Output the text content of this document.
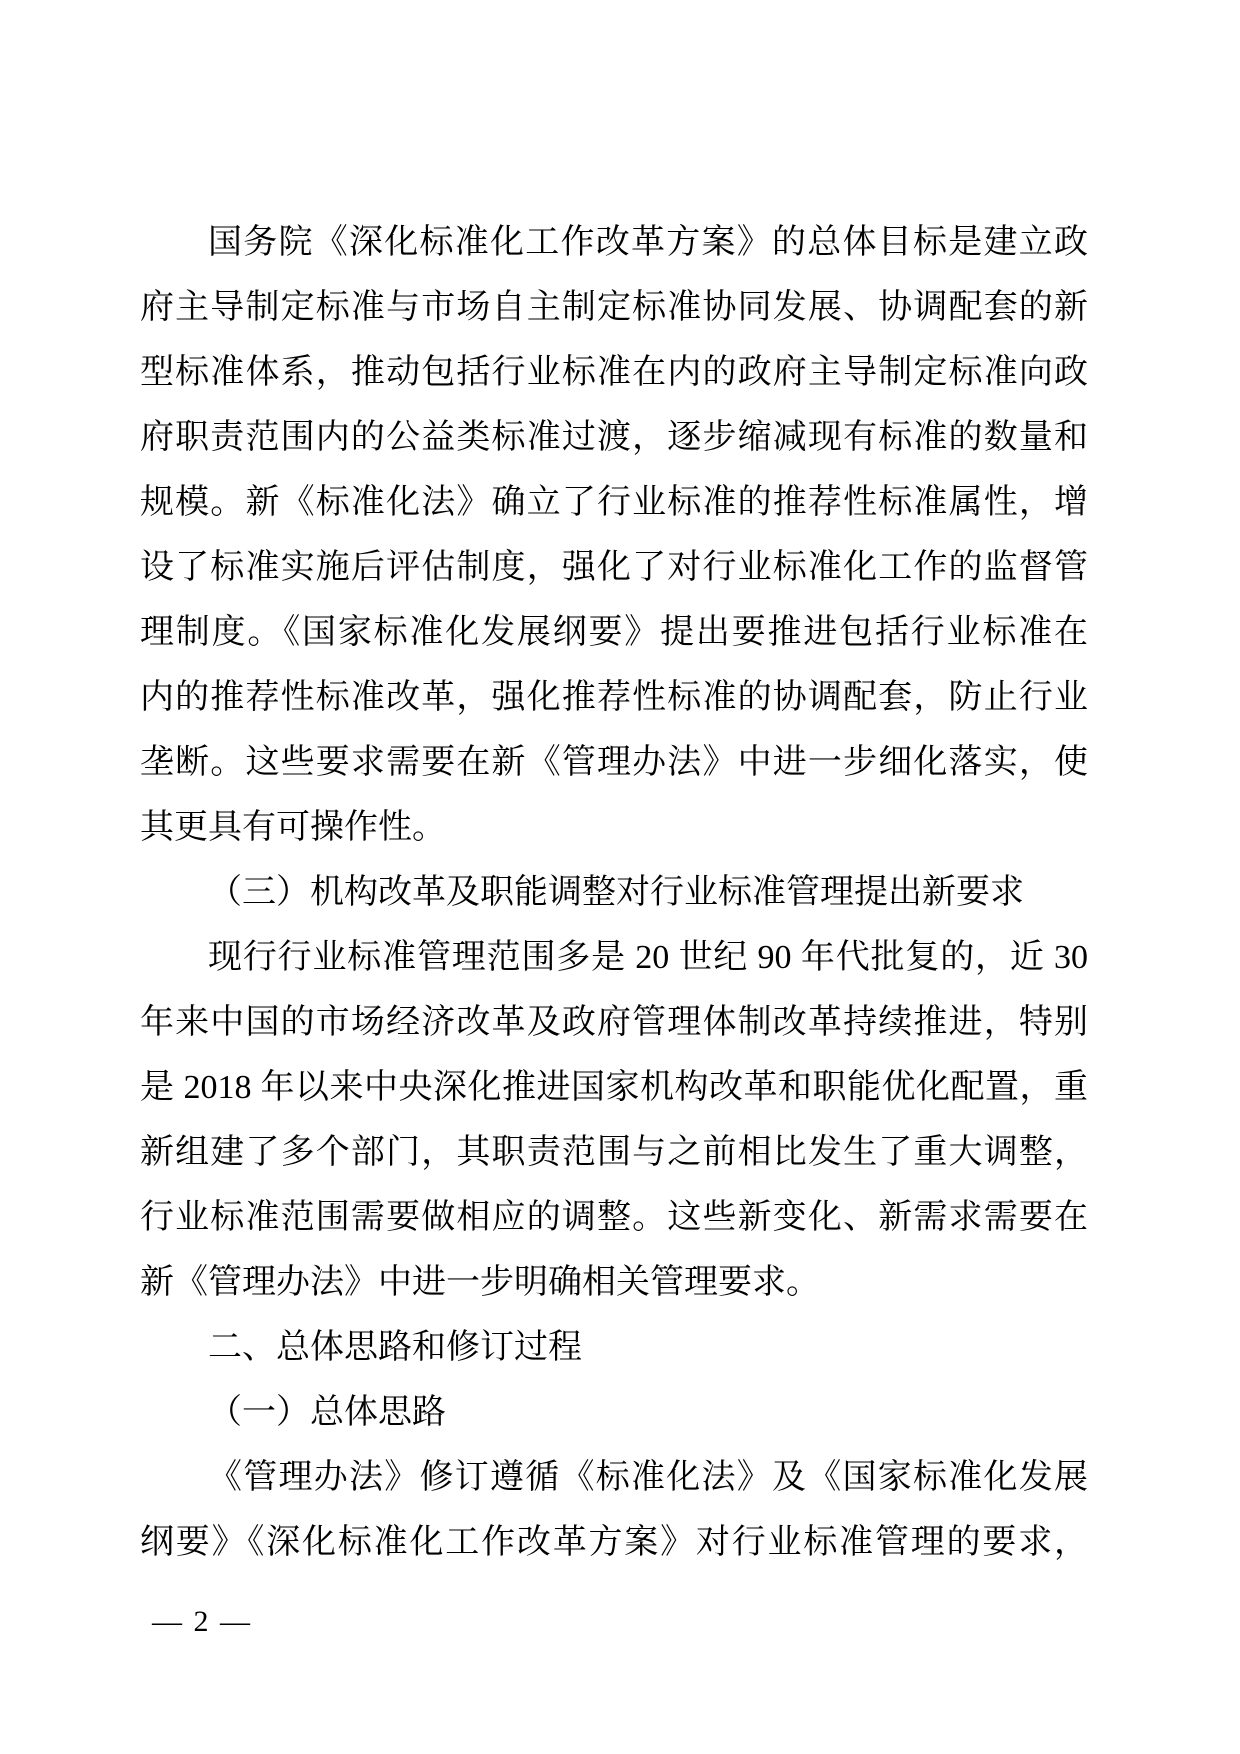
国务院《深化标准化工作改革方案》的总体目标是建立政

府主导制定标准与市场自主制定标准协同发展、协调配套的新

型标准体系，推动包括行业标准在内的政府主导制定标准向政

府职责范围内的公益类标准过渡，逐步缩减现有标准的数量和

规模。新《标准化法》确立了行业标准的推荐性标准属性，增

设了标准实施后评估制度，强化了对行业标准化工作的监督管

理制度。《国家标准化发展纲要》提出要推进包括行业标准在

内的推荐性标准改革，强化推荐性标准的协调配套，防止行业

垄断。这些要求需要在新《管理办法》中进一步细化落实，使

其更具有可操作性。

（三）机构改革及职能调整对行业标准管理提出新要求

现行行业标准管理范围多是 20 世纪 90 年代批复的，近 30

年来中国的市场经济改革及政府管理体制改革持续推进，特别

是 2018 年以来中央深化推进国家机构改革和职能优化配置，重

新组建了多个部门，其职责范围与之前相比发生了重大调整，

行业标准范围需要做相应的调整。这些新变化、新需求需要在

新《管理办法》中进一步明确相关管理要求。

二、总体思路和修订过程

（一）总体思路

《管理办法》修订遵循《标准化法》及《国家标准化发展

纲要》《深化标准化工作改革方案》对行业标准管理的要求，

— 2 —
